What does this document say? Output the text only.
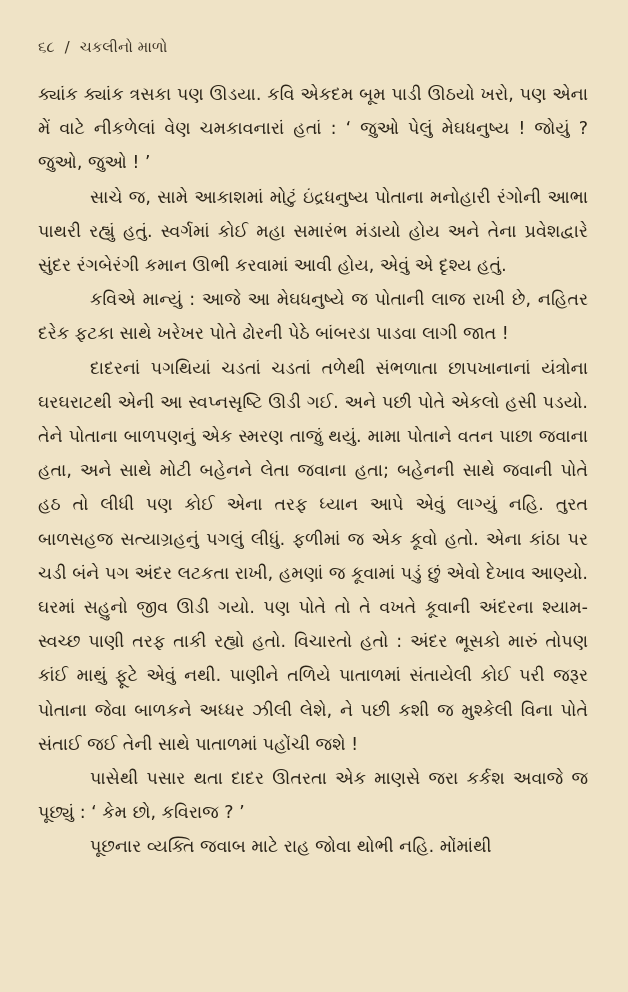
૬૮ / ચકલીનો માળો

ક્યાંક ક્યાંક ત્રસકા પણ ઊડયા. કવિ એકદમ બૂમ પાડી ઊઠયો ખરો, પણ એના મેં વાટે નીકળેલાં વેણ ચમકાવનારાં હતાં : ‘ જુઓ પેલું મેઘધનુષ્ય ! જોયું ? જુઓ, જુઓ ! ’

સાચે જ, સામે આકાશમાં મોટું ઇંદ્રધનુષ્ય પોતાના મનોહારી રંગોની આભા પાથરી રહ્યું હતું. સ્વર્ગમાં કોઈ મહા સમારંભ મંડાયો હોય અને તેના પ્રવેશદ્વારે સુંદર રંગબેરંગી કમાન ઊભી કરવામાં આવી હોય, એવું એ દૃશ્ય હતું.

કવિએ માન્યું : આજે આ મેઘધનુષ્યે જ પોતાની લાજ રાખી છે, નહિતર દરેક ફટકા સાથે ખરેખર પોતે ઢોરની પેઠે બાંબરડા પાડવા લાગી જાત !

દાદરનાં પગથિયાં ચડતાં ચડતાં તળેથી સંભળાતા છાપખાનાનાં યંત્રોના ઘરઘરાટથી એની આ સ્વપ્નસૃષ્ટિ ઊડી ગઈ. અને પછી પોતે એકલો હસી પડયો. તેને પોતાના બાળપણનું એક સ્મરણ તાજું થયું. મામા પોતાને વતન પાછા જવાના હતા, અને સાથે મોટી બહેનને લેતા જવાના હતા; બહેનની સાથે જવાની પોતે હઠ તો લીધી પણ કોઈ એના તરફ ધ્યાન આપે એવું લાગ્યું નહિ. તુરત બાળસહજ સત્યાગ્રહનું પગલું લીધું. ફળીમાં જ એક કૂવો હતો. એના કાંઠા પર ચડી બંને પગ અંદર લટકતા રાખી, હમણાં જ કૂવામાં પડું છું એવો દેખાવ આણ્યો. ઘરમાં સહુનો જીવ ઊડી ગયો. પણ પોતે તો તે વખતે કૂવાની અંદરના શ્યામ-સ્વચ્છ પાણી તરફ તાકી રહ્યો હતો. વિચારતો હતો : અંદર ભૂસકો મારું તોપણ કાંઈ માથું ફૂટે એવું નથી. પાણીને તળિયે પાતાળમાં સંતાયેલી કોઈ પરી જરૂર પોતાના જેવા બાળકને અધ્ધર ઝીલી લેશે, ને પછી કશી જ મુશ્કેલી વિના પોતે સંતાઈ જઈ તેની સાથે પાતાળમાં પહોંચી જશે !

પાસેથી પસાર થતા દાદર ઊતરતા એક માણસે જરા કર્કશ અવાજે જ પૂછ્યું : ‘ કેમ છો, કવિરાજ ? ’

પૂછનાર વ્યક્તિ જવાબ માટે રાહ જોવા થોભી નહિ. મોંમાંથી
